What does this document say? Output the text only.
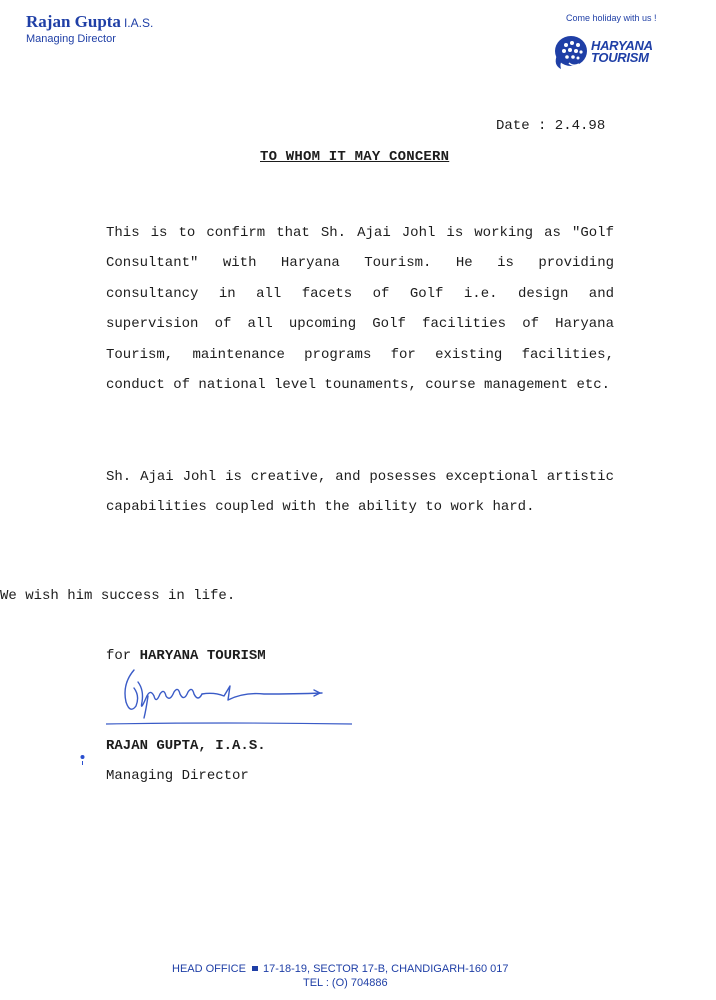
Rajan Gupta I.A.S.
Managing Director
Come holiday with us !
HARYANA
TOURISM
Date : 2.4.98
TO WHOM IT MAY CONCERN
This is to confirm that Sh. Ajai Johl is working as "Golf Consultant" with Haryana Tourism. He is providing consultancy in all facets of Golf i.e. design and supervision of all upcoming Golf facilities of Haryana Tourism, maintenance programs for existing facilities, conduct of national level tounaments, course management etc.
Sh. Ajai Johl is creative, and posesses exceptional artistic capabilities coupled with the ability to work hard.
We wish him success in life.
for HARYANA TOURISM
RAJAN GUPTA, I.A.S.
Managing Director
HEAD OFFICE 17-18-19, SECTOR 17-B, CHANDIGARH-160 017
TEL : (O) 704886
